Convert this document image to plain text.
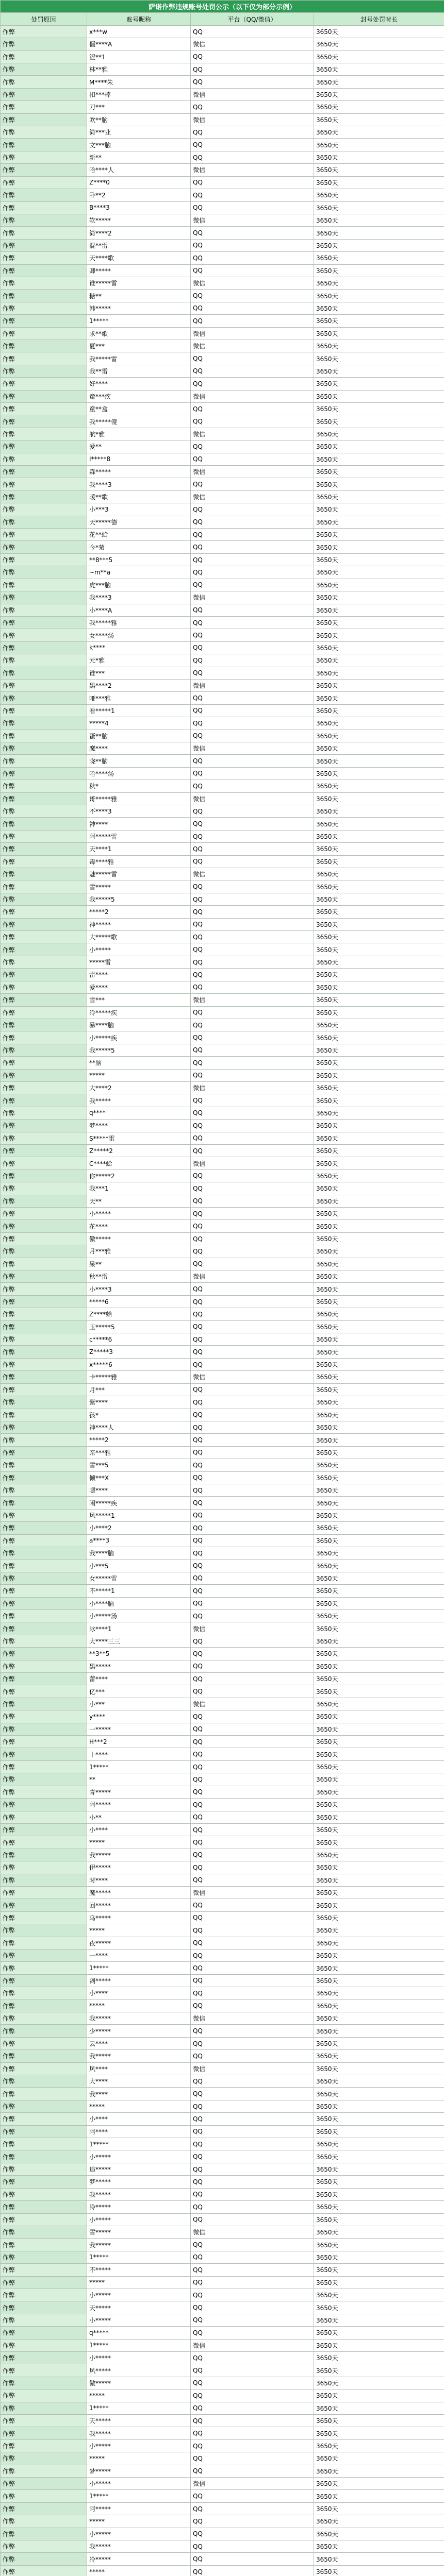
萨诺作弊违规账号处罚公示（以下仅为部分示例）			
处罚原因	账号昵称	平台（QQ/微信）	封号处罚时长
作弊	x***w	QQ	3650天
作弊	僵****A	微信	3650天
作弊	涩**1	QQ	3650天
作弊	林**雅	QQ	3650天
作弊	M****朱	QQ	3650天
作弊	扣***棒	微信	3650天
作弊	刀***	QQ	3650天
作弊	欧**脑	微信	3650天
作弊	简***业	QQ	3650天
作弊	文***脑	QQ	3650天
作弊	新**	QQ	3650天
作弊	哈****人	微信	3650天
作弊	Z****0	QQ	3650天
作弊	卧**2	QQ	3650天
作弊	B****3	QQ	3650天
作弊	软*****	微信	3650天
作弊	简****2	QQ	3650天
作弊	混**雷	QQ	3650天
作弊	天****歌	QQ	3650天
作弊	卿*****	QQ	3650天
作弊	谁*****雷	微信	3650天
作弊	糖**	QQ	3650天
作弊	韩*****	QQ	3650天
作弊	1*****	QQ	3650天
作弊	求**歌	微信	3650天
作弊	夏***	微信	3650天
作弊	我*****雷	QQ	3650天
作弊	我**雷	QQ	3650天
作弊	好****	QQ	3650天
作弊	童***疾	微信	3650天
作弊	童**盒	QQ	3650天
作弊	我*****傻	QQ	3650天
作弊	航*雅	微信	3650天
作弊	爱**	QQ	3650天
作弊	I*****8	QQ	3650天
作弊	森*****	微信	3650天
作弊	我****3	QQ	3650天
作弊	暖**歌	微信	3650天
作弊	小***3	QQ	3650天
作弊	天*****德	QQ	3650天
作弊	花**蛤	QQ	3650天
作弊	今*菊	QQ	3650天
作弊	**8***5	QQ	3650天
作弊	~m**a	QQ	3650天
作弊	虎***脑	QQ	3650天
作弊	我****3	微信	3650天
作弊	小****A	QQ	3650天
作弊	我*****雅	QQ	3650天
作弊	女****汤	QQ	3650天
作弊	k****	QQ	3650天
作弊	元*雅	QQ	3650天
作弊	谁***	QQ	3650天
作弊	黑****2	微信	3650天
作弊	哑***雅	QQ	3650天
作弊	看*****1	QQ	3650天
作弊	*****4	QQ	3650天
作弊	蛋**脑	QQ	3650天
作弊	魔****	微信	3650天
作弊	晓**脑	QQ	3650天
作弊	哈****汤	QQ	3650天
作弊	秋*	QQ	3650天
作弊	哥*****雅	微信	3650天
作弊	不****3	QQ	3650天
作弊	神****	QQ	3650天
作弊	阿*****雷	QQ	3650天
作弊	天****1	QQ	3650天
作弊	毒****雅	QQ	3650天
作弊	魅*****雷	微信	3650天
作弊	雪*****	QQ	3650天
作弊	我*****5	QQ	3650天
作弊	*****2	QQ	3650天
作弊	神*****	QQ	3650天
作弊	大*****歌	QQ	3650天
作弊	小*****	QQ	3650天
作弊	*****雷	QQ	3650天
作弊	雷****	QQ	3650天
作弊	爱****	QQ	3650天
作弊	雪***	微信	3650天
作弊	冷*****疾	QQ	3650天
作弊	暴****脑	QQ	3650天
作弊	小*****疾	QQ	3650天
作弊	我*****5	QQ	3650天
作弊	**脑	QQ	3650天
作弊	*****	QQ	3650天
作弊	大****2	微信	3650天
作弊	我*****	QQ	3650天
作弊	q****	QQ	3650天
作弊	梦****	QQ	3650天
作弊	S*****雷	QQ	3650天
作弊	Z*****2	QQ	3650天
作弊	C****蛤	微信	3650天
作弊	你*****2	QQ	3650天
作弊	我***1	QQ	3650天
作弊	天**	QQ	3650天
作弊	小*****	QQ	3650天
作弊	花****	QQ	3650天
作弊	傲*****	QQ	3650天
作弊	月***雅	QQ	3650天
作弊	呆**	QQ	3650天
作弊	秋**雷	微信	3650天
作弊	小****3	QQ	3650天
作弊	*****6	QQ	3650天
作弊	Z****蛤	QQ	3650天
作弊	玉*****5	QQ	3650天
作弊	c*****6	QQ	3650天
作弊	Z*****3	QQ	3650天
作弊	x*****6	QQ	3650天
作弊	卡*****雅	微信	3650天
作弊	月***	QQ	3650天
作弊	紫****	QQ	3650天
作弊	孩*	QQ	3650天
作弊	神****人	QQ	3650天
作弊	*****2	QQ	3650天
作弊	亲***雅	QQ	3650天
作弊	雪***5	QQ	3650天
作弊	倾***X	QQ	3650天
作弊	嗯****	QQ	3650天
作弊	闲*****疾	QQ	3650天
作弊	风*****1	QQ	3650天
作弊	小****2	QQ	3650天
作弊	a****3	QQ	3650天
作弊	我****脑	QQ	3650天
作弊	小***5	QQ	3650天
作弊	女*****雷	QQ	3650天
作弊	不*****1	QQ	3650天
作弊	小****脑	QQ	3650天
作弊	小*****汤	QQ	3650天
作弊	冰****1	微信	3650天
作弊	大****三三	QQ	3650天
作弊	**3**5	QQ	3650天
作弊	黑*****	QQ	3650天
作弊	蕾****	QQ	3650天
作弊	亿***	QQ	3650天
作弊	小***	微信	3650天
作弊	y****	QQ	3650天
作弊	一*****	QQ	3650天
作弊	H***2	QQ	3650天
作弊	十****	QQ	3650天
作弊	1*****	QQ	3650天
作弊	**	QQ	3650天
作弊	青*****	QQ	3650天
作弊	阿*****	QQ	3650天
作弊	小**	QQ	3650天
作弊	小****	QQ	3650天
作弊	*****	QQ	3650天
作弊	我*****	QQ	3650天
作弊	伊*****	QQ	3650天
作弊	时****	QQ	3650天
作弊	魔*****	微信	3650天
作弊	回*****	QQ	3650天
作弊	乌*****	QQ	3650天
作弊	*****	QQ	3650天
作弊	夜*****	QQ	3650天
作弊	一****	QQ	3650天
作弊	1*****	QQ	3650天
作弊	剑*****	QQ	3650天
作弊	小****	QQ	3650天
作弊	*****	QQ	3650天
作弊	我*****	微信	3650天
作弊	少*****	QQ	3650天
作弊	云****	QQ	3650天
作弊	我*****	QQ	3650天
作弊	风****	微信	3650天
作弊	大****	QQ	3650天
作弊	我****	QQ	3650天
作弊	*****	QQ	3650天
作弊	小****	QQ	3650天
作弊	阿****	QQ	3650天
作弊	1*****	QQ	3650天
作弊	小*****	QQ	3650天
作弊	追*****	QQ	3650天
作弊	梦*****	QQ	3650天
作弊	我*****	QQ	3650天
作弊	冷*****	QQ	3650天
作弊	小*****	QQ	3650天
作弊	雪*****	微信	3650天
作弊	我*****	QQ	3650天
作弊	1*****	QQ	3650天
作弊	不*****	QQ	3650天
作弊	*****	QQ	3650天
作弊	小*****	QQ	3650天
作弊	天*****	QQ	3650天
作弊	小*****	QQ	3650天
作弊	q*****	QQ	3650天
作弊	1*****	微信	3650天
作弊	小*****	QQ	3650天
作弊	风*****	QQ	3650天
作弊	傲*****	QQ	3650天
作弊	*****	QQ	3650天
作弊	1*****	QQ	3650天
作弊	天*****	QQ	3650天
作弊	我*****	QQ	3650天
作弊	小*****	QQ	3650天
作弊	*****	QQ	3650天
作弊	梦*****	QQ	3650天
作弊	小*****	微信	3650天
作弊	1*****	QQ	3650天
作弊	阿*****	QQ	3650天
作弊	*****	QQ	3650天
作弊	小*****	QQ	3650天
作弊	我*****	QQ	3650天
作弊	冷*****	QQ	3650天
作弊	*****	QQ	3650天
